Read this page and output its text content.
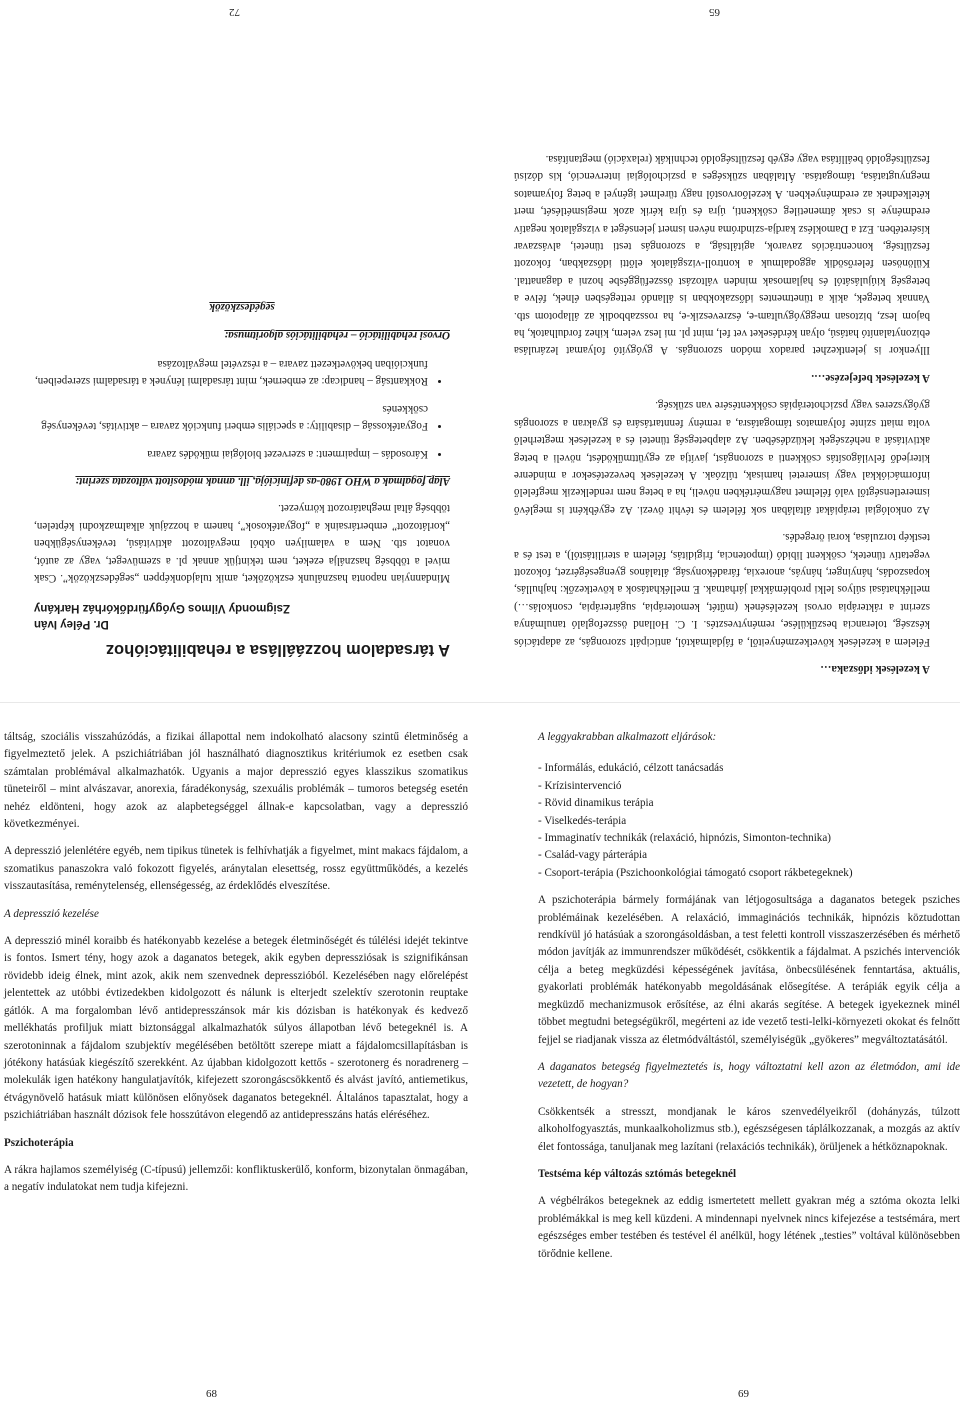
A kezelések időszaka…

Félelem a kezelések következményeitől, a fájdalmaktól, anticipált szorongás, az adaptációs készség, tolerancia beszűkülése, reménytvesztés. I. C. Holland összefoglaló tanulmánya szerint a rákterápia orvosi kezelésének (műtét, kemoterápia, sugárterápia, csonkolás…) mellékhatásai súlyos lelki problémákkal járhatnak. E mellékhatások a következők: hajhullás, kopaszodás, hányinger, hányás, anorexia, fáradékonyság, általános gyengeségérzet, fokozott vegetatív tünetek, csökkent libidó (impotencia, frigiditás, félelem a sterilitástól), a test és a testkép torzulása, korai öregedés.

Az onkológiai terápiákat általában sok félelem és tévhit övezi. Az egyébként is meglévő ismeretlenségtől való félelmet nagymértékben növeli, ha a beteg nem rendelkezik megfelelő információkkal vagy ismeretei hamisak, túlzóak. A kezelések bevezetésekor a mindenre kiterjedő felvilágosítás csökkenti a szorongást, javítja az együttműködést, növeli a beteg aktivitását a nehézségek leküzdésében. Az alapbetegség tünetei és a kezelések megterhelő volta miatt szinte folyamatos támogatásra, a remény fenntartására és gyakran a szorongás gyógyszeres vagy pszichoterápiás csökkentésére van szükség.

A kezelések befejezése….

Illyenkor is jelentkezhet paradox módon szorongás. A gyógyító folyamat lezárulása ebizonytalanító hatású, olyan kérdéseket vet fel, mint pl. mi lesz velem, kihez fordulhatok, ha bajom lesz, biztosan meggyógyultam-e, észreveszik-e, ha rosszabbodik az állapotom stb. Vannak betegek, akik a tünetmentes időszakokban is állandó rettegésben élnek, félve a betegség kiújulásától és hajlamosak minden változást összefüggésbe hozni a daganattal. Különösen felerősödik aggodalmuk a kontroll-vizsgálatok előtti időszakban, fokozott feszültség, koncentrációs zavarok, agitáltság, a szorongás testi tünetei, alvászavar kíséretében. Ezt a Damoklész kardja-szindróma néven ismert jelenséget a vizsgálatok negatív eredménye is csak átmenetileg csökkenti, újra és újra kérik azok megismétlését, mert kételkednek az eredményekben. A kezelőorvostól nagy türelmet igényel a beteg folyamatos megnyugtatása, támogatása. Általában szükséges a pszichológiai intervenció, kis dózisú feszültségoldó beállítása vagy egyéb feszültségoldó technikák (relaxáció) megtanítása.

65
A társadalom hozzáállása a rehabilitációhoz
Dr. Péley Iván
Zsigmondy Vilmos Gyógyfürdőkórház Harkány

Mindannyian naponta használunk eszközöket, amik tulajdonképpen „segédeszközök”. Csak mivel a többség használja ezeket, nem tekintjük annak pl. a szemüveget, vagy az autót, vonatot stb. Nem a valamilyen okból megváltozott aktivitású, tevékenységükben „korlátozott” embertársaink a „fogyatékosok”, hanem a hozzájuk alkalmazkodni képtelen, többség által meghatározott környezet.

Alap fogalmak a WHO 1980-as definíciója, ill. annak módosított változata szerint:

• Károsodás – impairment: a szervezet biológiai működés zavara
• Fogyatékosság – disability: a speciális emberi funkciók zavara – aktivitás, tevékenység csökkenés
• Rokkantság – handicap: az embernek, mint társadalmi lénynek a társadalmi szerepeiben, funkcióiban bekövetkezett zavara – a részvétel megváltozása

Orvosi rehabilitáció – rehabilitációs algoritmusa:

segédeszközök

72

táltság, szociális visszahúzódás, a fizikai állapottal nem indokolható alacsony szintű életminőség a figyelmeztető jelek. A pszichiátriában jól használható diagnosztikus kritériumok ez esetben csak számtalan problémával alkalmazhatók. Ugyanis a major depresszió egyes klasszikus szomatikus tüneteiről – mint alvászavar, anorexia, fáradékonyság, szexuális problémák – tumoros betegség esetén nehéz eldönteni, hogy azok az alapbetegséggel állnak-e kapcsolatban, vagy a depresszió következményei.

A depresszió jelenlétére egyéb, nem tipikus tünetek is felhívhatják a figyelmet, mint makacs fájdalom, a szomatikus panaszokra való fokozott figyelés, aránytalan elesettség, rossz együttműködés, a kezelés visszautasítása, reménytelenség, ellenségesség, az érdeklődés elveszítése.

A depresszió kezelése

A depresszió minél koraibb és hatékonyabb kezelése a betegek életminőségét és túlélési idejét tekintve is fontos. Ismert tény, hogy azok a daganatos betegek, akik egyben depressziósak is szignifikánsan rövidebb ideig élnek, mint azok, akik nem szenvednek depresszióból. Kezelésében nagy előrelépést jelentettek az utóbbi évtizedekben kidolgozott és nálunk is elterjedt szelektív szerotonin reuptake gátlók. A ma forgalomban lévő antidepresszánsok már kis dózisban is hatékonyak és kedvező mellékhatás profiljuk miatt biztonsággal alkalmazhatók súlyos állapotban lévő betegeknél is. A szerotoninnak a fájdalom szubjektív megélésében betöltött szerepe miatt a fájdalomcsillapításban is jótékony hatásúak kiegészítő szerekként. Az újabban kidolgozott kettős - szerotonerg és noradrenerg – molekulák igen hatékony hangulatjavítók, kifejezett szorongáscsökkentő és alvást javító, antiemetikus, étvágynövelő hatásuk miatt különösen előnyösek daganatos betegeknél. Általános tapasztalat, hogy a pszichiátriában használt dózisok fele hosszútávon elegendő az antidepresszáns hatás eléréséhez.

Pszichoterápia

A rákra hajlamos személyiség (C-típusú) jellemzői: konfliktuskerülő, konform, bizonytalan önmagában, a negatív indulatokat nem tudja kifejezni.

68

A leggyakrabban alkalmazott eljárások:

- Informálás, edukáció, célzott tanácsadás
- Krízisintervenció
- Rövid dinamikus terápia
- Viselkedés-terápia
- Immaginatív technikák (relaxáció, hipnózis, Simonton-technika)
- Család-vagy párterápia
- Csoport-terápia (Pszichoonkológiai támogató csoport rákbetegeknek)

A pszichoterápia bármely formájának van létjogosultsága a daganatos betegek psziches problémáinak kezelésében. A relaxáció, immaginációs technikák, hipnózis köztudottan rendkívül jó hatásúak a szorongásoldásban, a test feletti kontroll visszaszerzésében és mérhető módon javítják az immunrendszer működését, csökkentik a fájdalmat. A pszichés intervenciók célja a beteg megküzdési képességének javítása, önbecsülésének fenntartása, aktuális, gyakorlati problémák hatékonyabb megoldásának elősegítése. A terápiák egyik célja a megküzdő mechanizmusok erősítése, az élni akarás segítése. A betegek igyekeznek minél többet megtudni betegségükről, megérteni az ide vezető testi-lelki-környezeti okokat és felnőtt fejjel se riadjanak vissza az életmódváltástól, személyiségük „gyökeres” megváltoztatásától.

A daganatos betegség figyelmeztetés is, hogy változtatni kell azon az életmódon, ami ide vezetett, de hogyan?

Csökkentsék a stresszt, mondjanak le káros szenvedélyeikről (dohányzás, túlzott alkoholfogyasztás, munkaalkoholizmus stb.), egészségesen táplálkozzanak, a mozgás az aktív élet fontossága, tanuljanak meg lazítani (relaxációs technikák), örüljenek a hétköznapoknak.

Testséma kép változás sztómás betegeknél

A végbélrákos betegeknek az eddig ismertetett mellett gyakran még a sztóma okozta lelki problémákkal is meg kell küzdeni. A mindennapi nyelvnek nincs kifejezése a testsémára, mert egészséges ember testében és testével él anélkül, hogy létének „testies” voltával különösebben törődnie kellene.

69
